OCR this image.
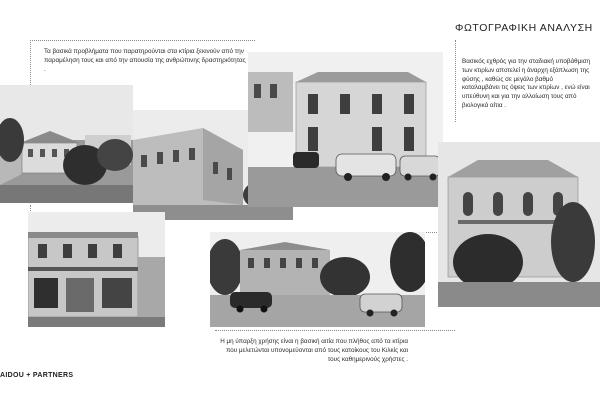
ΦΩΤΟΓΡΑΦΙΚΗ ΑΝΑΛΥΣΗ
Τα βασικά προβλήματα που παρατηρούνται στα κτίρια ξεκινούν από την παραμέληση τους και από την απουσία της ανθρώπινης δραστηριότητας .
Βασικός εχθρός για την σταδιακή υποβάθμιση των κτιρίων αποτελεί η άναρχη εξάπλωση της φύσης , καθώς σε μεγάλο βαθμό καταλαμβάνει τις όψεις των κτιρίων , ενώ είναι υπεύθυνη και για την αλλοίωση τους από βιολογικά αίτια .
Η μη ύπαρξη χρήσης είναι η βασική αιτία που πλήθος από τα κτίρια που μελετώνται υπονομεύονται από τους κατοίκους του Κιλκίς και τους καθημερινούς χρήστες .
AIDOU + PARTNERS
